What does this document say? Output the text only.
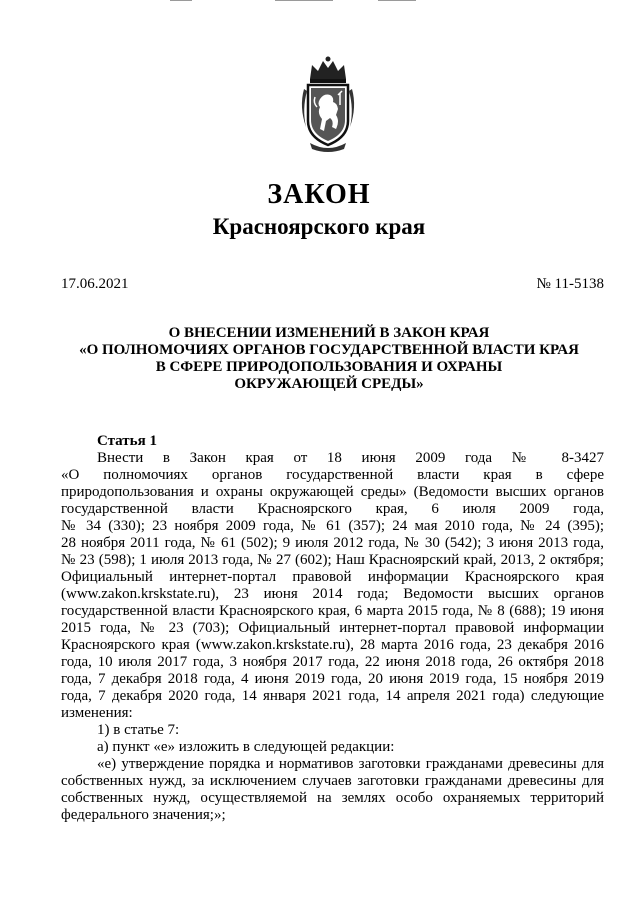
ЗАКОН
Красноярского края
17.06.2021	№ 11-5138
О ВНЕСЕНИИ ИЗМЕНЕНИЙ В ЗАКОН КРАЯ
«О ПОЛНОМОЧИЯХ ОРГАНОВ ГОСУДАРСТВЕННОЙ ВЛАСТИ КРАЯ
В СФЕРЕ ПРИРОДОПОЛЬЗОВАНИЯ И ОХРАНЫ
ОКРУЖАЮЩЕЙ СРЕДЫ»
Статья 1
Внести в Закон края от 18 июня 2009 года № 8-3427
«О полномочиях органов государственной власти края в сфере
природопользования и охраны окружающей среды» (Ведомости высших органов
государственной власти Красноярского края, 6 июля 2009 года,
№ 34 (330); 23 ноября 2009 года, № 61 (357); 24 мая 2010 года, № 24 (395);
28 ноября 2011 года, № 61 (502); 9 июля 2012 года, № 30 (542); 3 июня 2013 года,
№ 23 (598); 1 июля 2013 года, № 27 (602); Наш Красноярский край, 2013, 2 октября;
Официальный интернет-портал правовой информации Красноярского края
(www.zakon.krskstate.ru), 23 июня 2014 года; Ведомости высших органов
государственной власти Красноярского края, 6 марта 2015 года, № 8 (688); 19 июня
2015 года, № 23 (703); Официальный интернет-портал правовой информации
Красноярского края (www.zakon.krskstate.ru), 28 марта 2016 года, 23 декабря 2016
года, 10 июля 2017 года, 3 ноября 2017 года, 22 июня 2018 года, 26 октября 2018
года, 7 декабря 2018 года, 4 июня 2019 года, 20 июня 2019 года, 15 ноября 2019
года, 7 декабря 2020 года, 14 января 2021 года, 14 апреля 2021 года) следующие
изменения:
1) в статье 7:
а) пункт «е» изложить в следующей редакции:
«е) утверждение порядка и нормативов заготовки гражданами древесины для
собственных нужд, за исключением случаев заготовки гражданами древесины для
собственных нужд, осуществляемой на землях особо охраняемых территорий
федерального значения;»;
